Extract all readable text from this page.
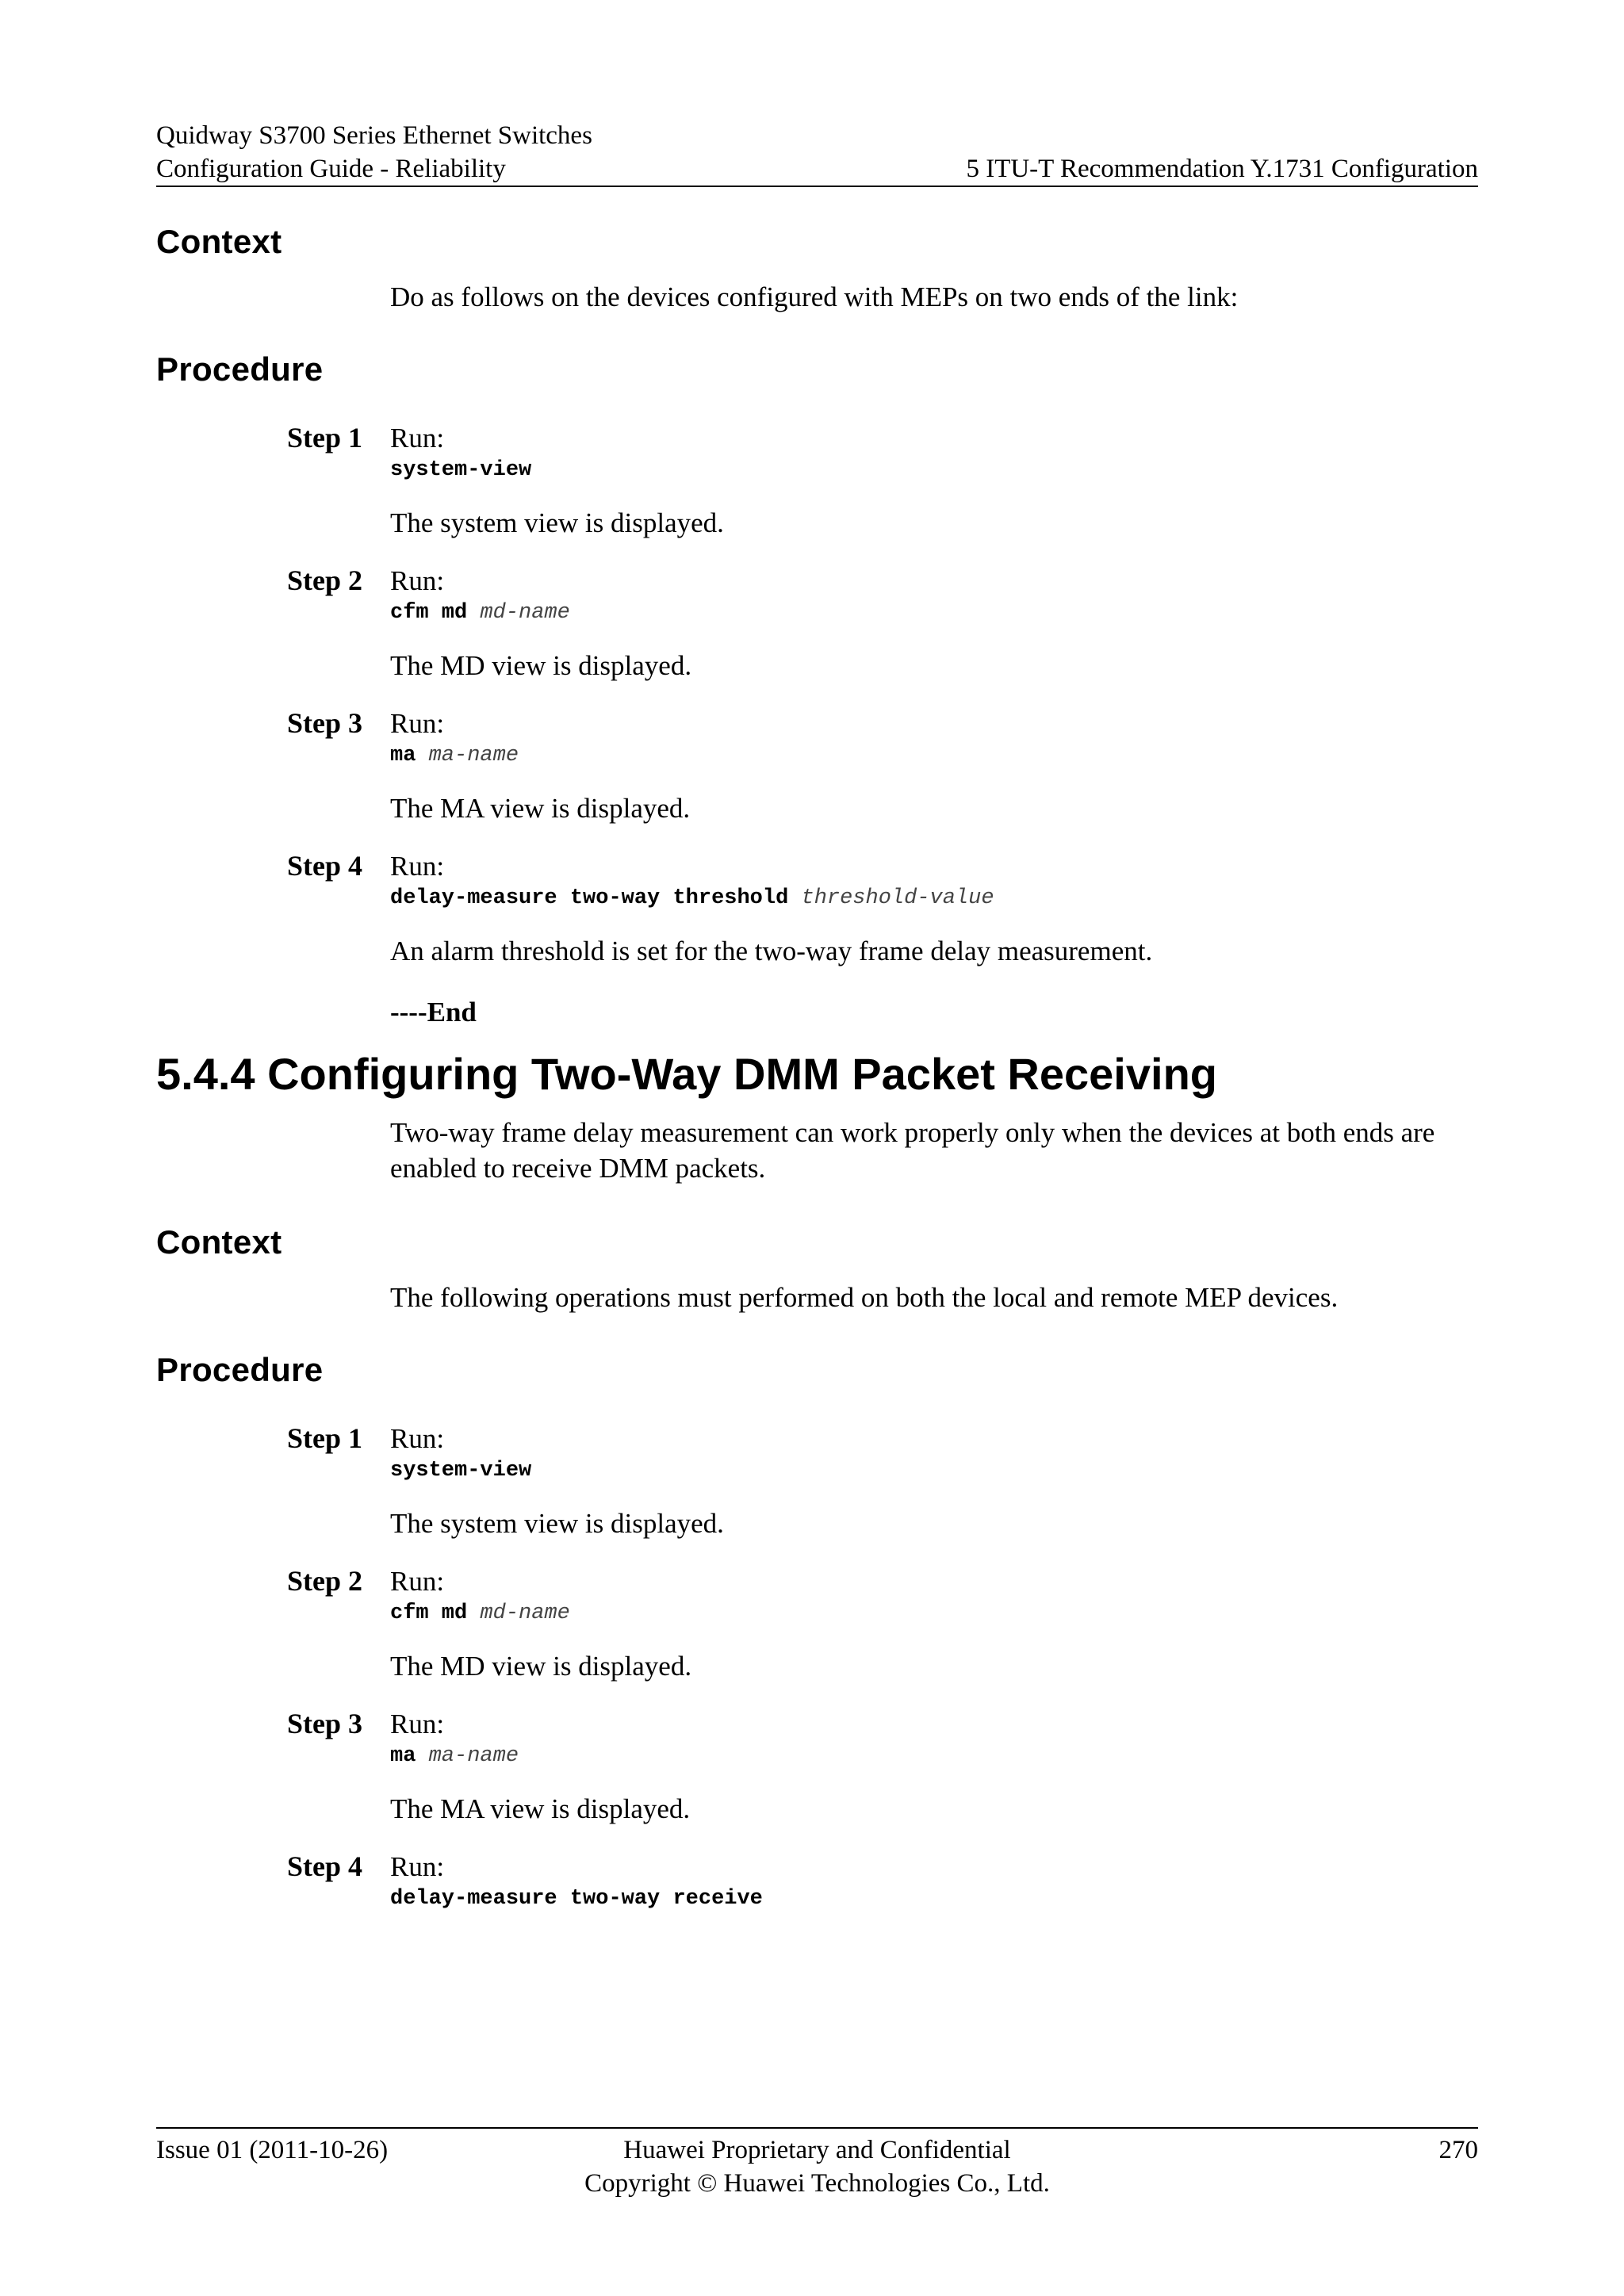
Quidway S3700 Series Ethernet Switches
Configuration Guide - Reliability	5 ITU-T Recommendation Y.1731 Configuration
Context

Do as follows on the devices configured with MEPs on two ends of the link:

Procedure
Step 1 Run:
system-view
The system view is displayed.
Step 2 Run:
cfm md md-name
The MD view is displayed.
Step 3 Run:
ma ma-name
The MA view is displayed.
Step 4 Run:
delay-measure two-way threshold threshold-value
An alarm threshold is set for the two-way frame delay measurement.
----End
5.4.4 Configuring Two-Way DMM Packet Receiving

Two-way frame delay measurement can work properly only when the devices at both ends are enabled to receive DMM packets.

Context

The following operations must performed on both the local and remote MEP devices.

Procedure
Step 1 Run:
system-view
The system view is displayed.
Step 2 Run:
cfm md md-name
The MD view is displayed.
Step 3 Run:
ma ma-name
The MA view is displayed.
Step 4 Run:
delay-measure two-way receive
Issue 01 (2011-10-26)	Huawei Proprietary and Confidential
Copyright © Huawei Technologies Co., Ltd.
270
